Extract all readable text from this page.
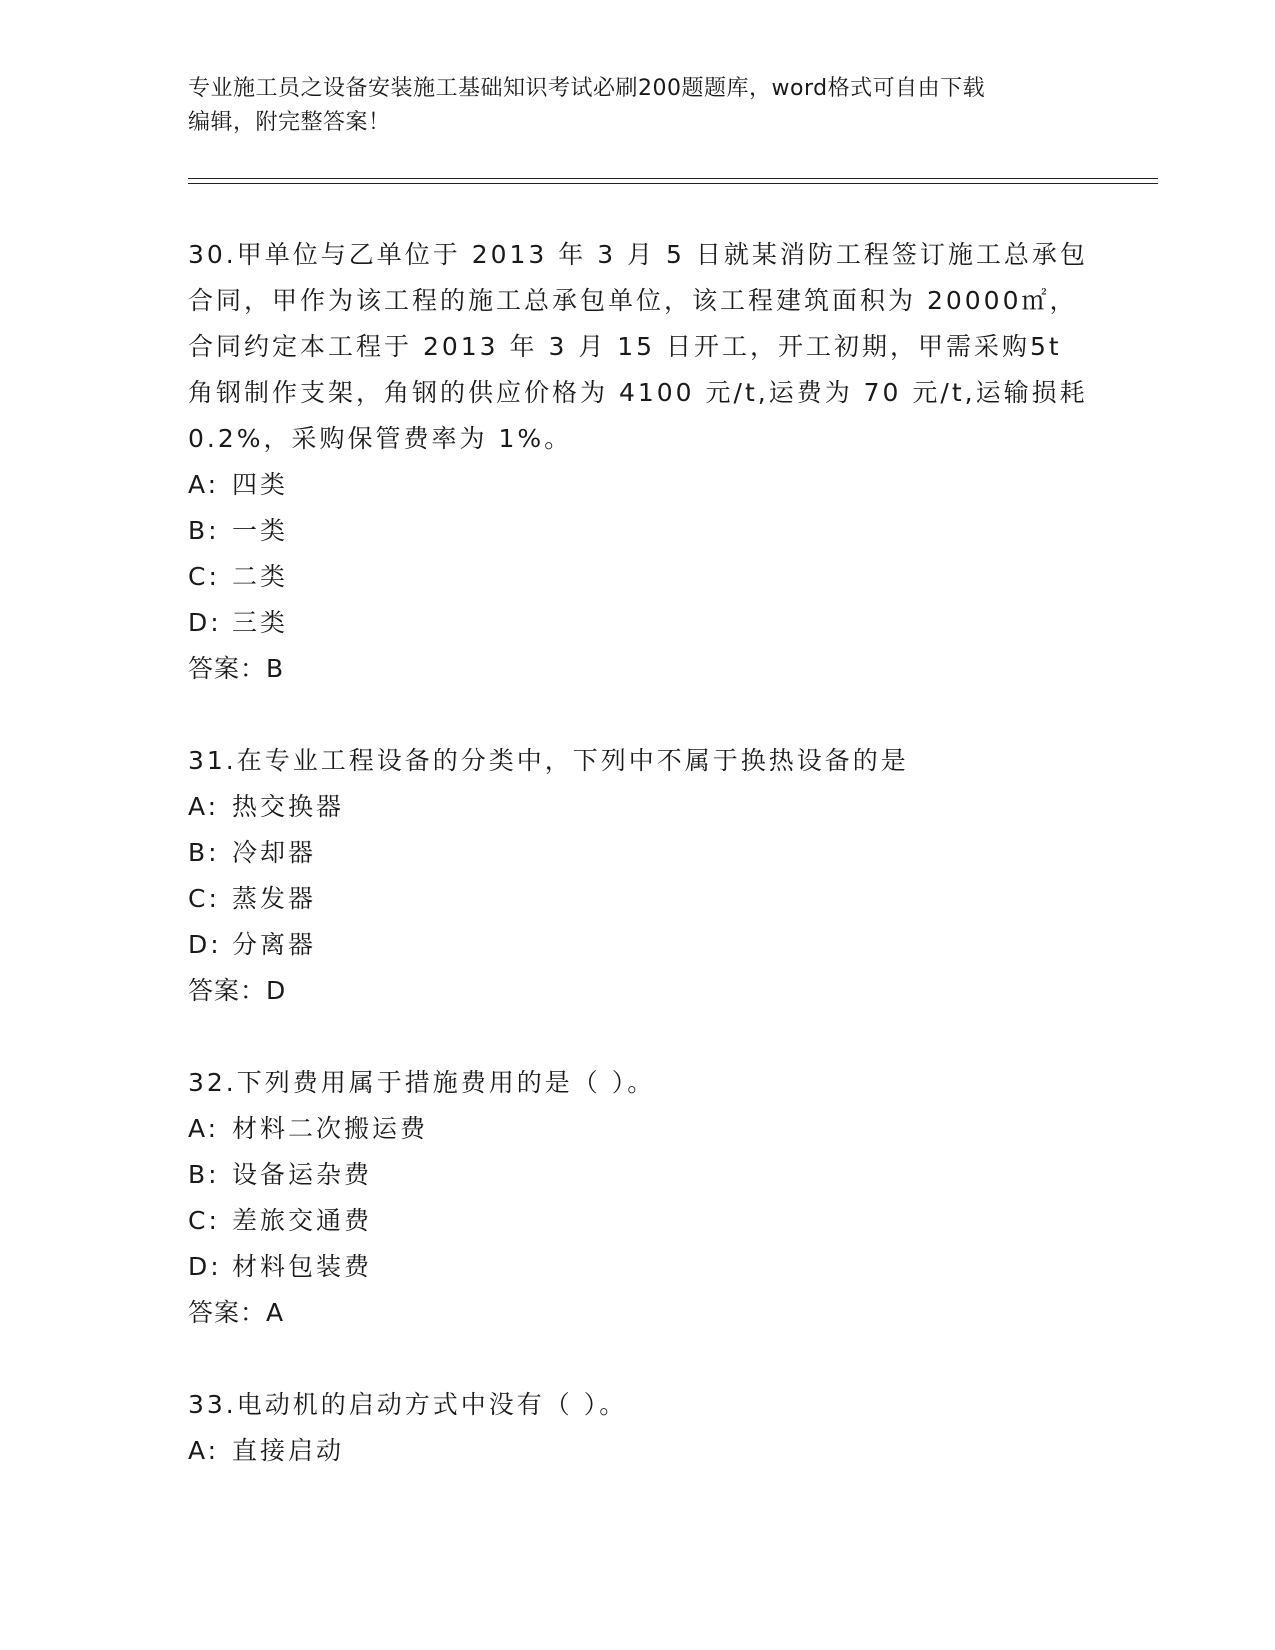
专业施工员之设备安装施工基础知识考试必刷200题题库，word格式可自由下载
编辑，附完整答案！
30.甲单位与乙单位于 2013 年 3 月 5 日就某消防工程签订施工总承包合同，甲作为该工程的施工总承包单位，该工程建筑面积为 20000㎡，合同约定本工程于 2013 年 3 月 15 日开工，开工初期，甲需采购5t 角钢制作支架，角钢的供应价格为 4100 元/t,运费为 70 元/t,运输损耗 0.2%，采购保管费率为 1%。
A: 四类
B: 一类
C: 二类
D: 三类
答案：B
31.在专业工程设备的分类中，下列中不属于换热设备的是
A: 热交换器
B: 冷却器
C: 蒸发器
D: 分离器
答案：D
32.下列费用属于措施费用的是（ ）。
A: 材料二次搬运费
B: 设备运杂费
C: 差旅交通费
D: 材料包装费
答案：A
33.电动机的启动方式中没有（ ）。
A: 直接启动
